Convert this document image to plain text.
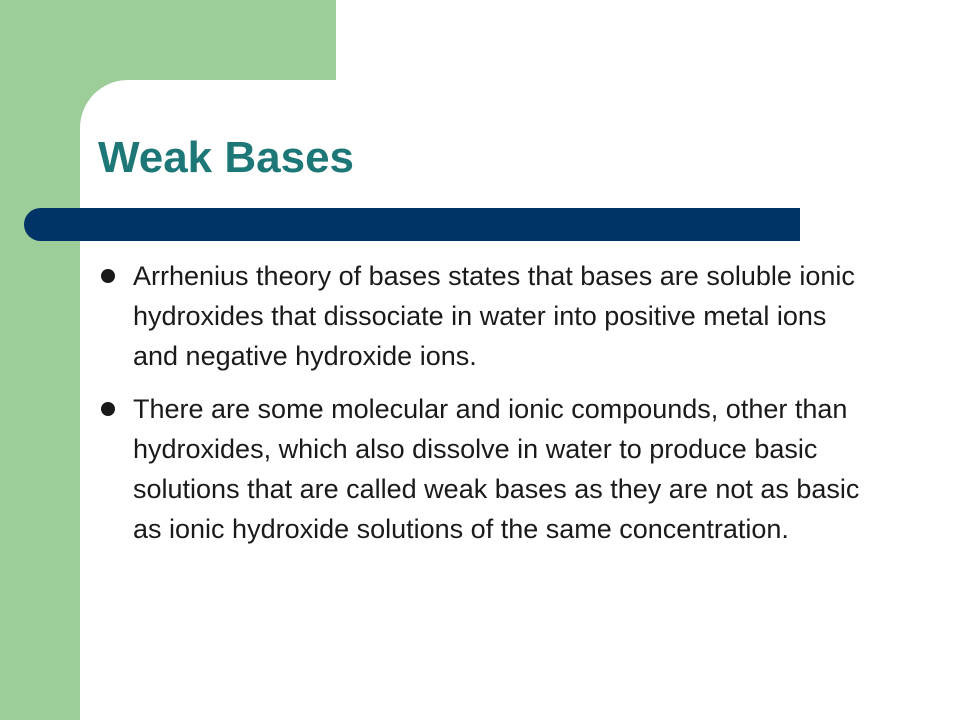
Weak Bases
Arrhenius theory of bases states that bases are soluble ionic hydroxides that dissociate in water into positive metal ions and negative hydroxide ions.
There are some molecular and ionic compounds, other than hydroxides, which also dissolve in water to produce basic solutions that are called weak bases as they are not as basic as ionic hydroxide solutions of the same concentration.
